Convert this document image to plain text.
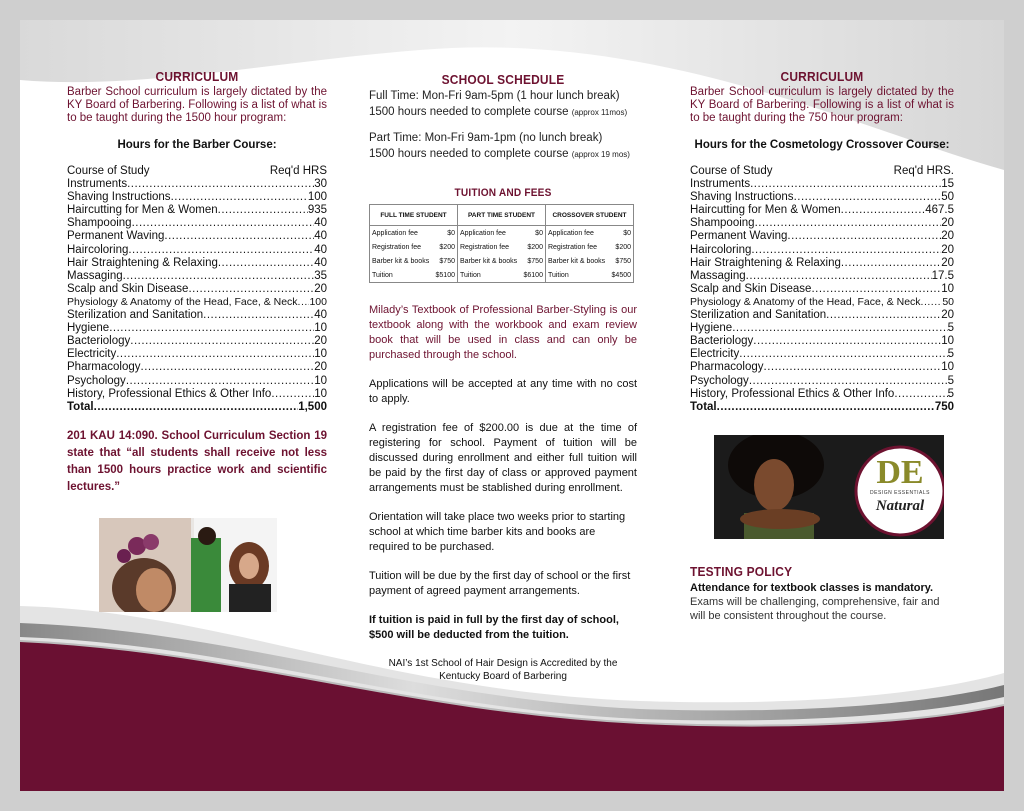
CURRICULUM
Barber School curriculum is largely dictated by the KY Board of Barbering. Following is a list of what is to be taught during the 1500 hour program:
Hours for the Barber Course:
Course of Study	Req'd HRS
Instruments .....	30
Shaving Instructions .....	100
Haircutting for Men & Women .....	935
Shampooing .....	40
Permanent Waving .....	40
Haircoloring .....	40
Hair Straightening & Relaxing .....	40
Massaging .....	35
Scalp and Skin Disease .....	20
Physiology & Anatomy of the Head, Face, & Neck ..... 100
Sterilization and Sanitation .....	40
Hygiene .....	10
Bacteriology .....	20
Electricity .....	10
Pharmacology .....	20
Psychology .....	10
History, Professional Ethics & Other Info .....	10
Total .....	1,500
201 KAU 14:090. School Curriculum Section 19 state that “all students shall receive not less than 1500 hours practice work and scientific lectures.”
SCHOOL SCHEDULE
Full Time: Mon-Fri 9am-5pm (1 hour lunch break)
1500 hours needed to complete course (approx 11mos)
Part Time: Mon-Fri 9am-1pm (no lunch break)
1500 hours needed to complete course (approx 19 mos)
TUITION AND FEES
FULL TIME STUDENT		PART TIME STUDENT		CROSSOVER STUDENT	
Application fee	$0	Application fee	$0	Application fee	$0
Registration fee	$200	Registration fee	$200	Registration fee	$200
Barber kit & books	$750	Barber kit & books	$750	Barber kit & books	$750
Tuition	$5100	Tuition	$6100	Tuition	$4500
Milady’s Textbook of Professional Barber-Styling is our textbook along with the workbook and exam review book that will be used in class and can only be purchased through the school.
Applications will be accepted at any time with no cost to apply.
A registration fee of $200.00 is due at the time of registering for school. Payment of tuition will be discussed during enrollment and either full tuition will be paid by the first day of class or approved payment arrangements must be stablished during enrollment.
Orientation will take place two weeks prior to starting school at which time barber kits and books are required to be purchased.
Tuition will be due by the first day of school or the first payment of agreed payment arrangements.
If tuition is paid in full by the first day of school, $500 will be deducted from the tuition.
NAI’s 1st School of Hair Design is Accredited by the Kentucky Board of Barbering
CURRICULUM
Barber School curriculum is largely dictated by the KY Board of Barbering. Following is a list of what is to be taught during the 750 hour program:
Hours for the Cosmetology Crossover Course:
Course of Study	Req'd HRS.
Instruments .....	15
Shaving Instructions .....	50
Haircutting for Men & Women .....	467.5
Shampooing .....	20
Permanent Waving .....	20
Haircoloring .....	20
Hair Straightening & Relaxing .....	20
Massaging .....	17.5
Scalp and Skin Disease .....	10
Physiology & Anatomy of the Head, Face, & Neck ..... 50
Sterilization and Sanitation .....	20
Hygiene .....	5
Bacteriology .....	10
Electricity .....	5
Pharmacology .....	10
Psychology .....	5
History, Professional Ethics & Other Info .....	5
Total .....	750
DE
DESIGN ESSENTIALS
Natural
TESTING POLICY
Attendance for textbook classes is mandatory.
Exams will be challenging, comprehensive, fair and will be consistent throughout the course.
